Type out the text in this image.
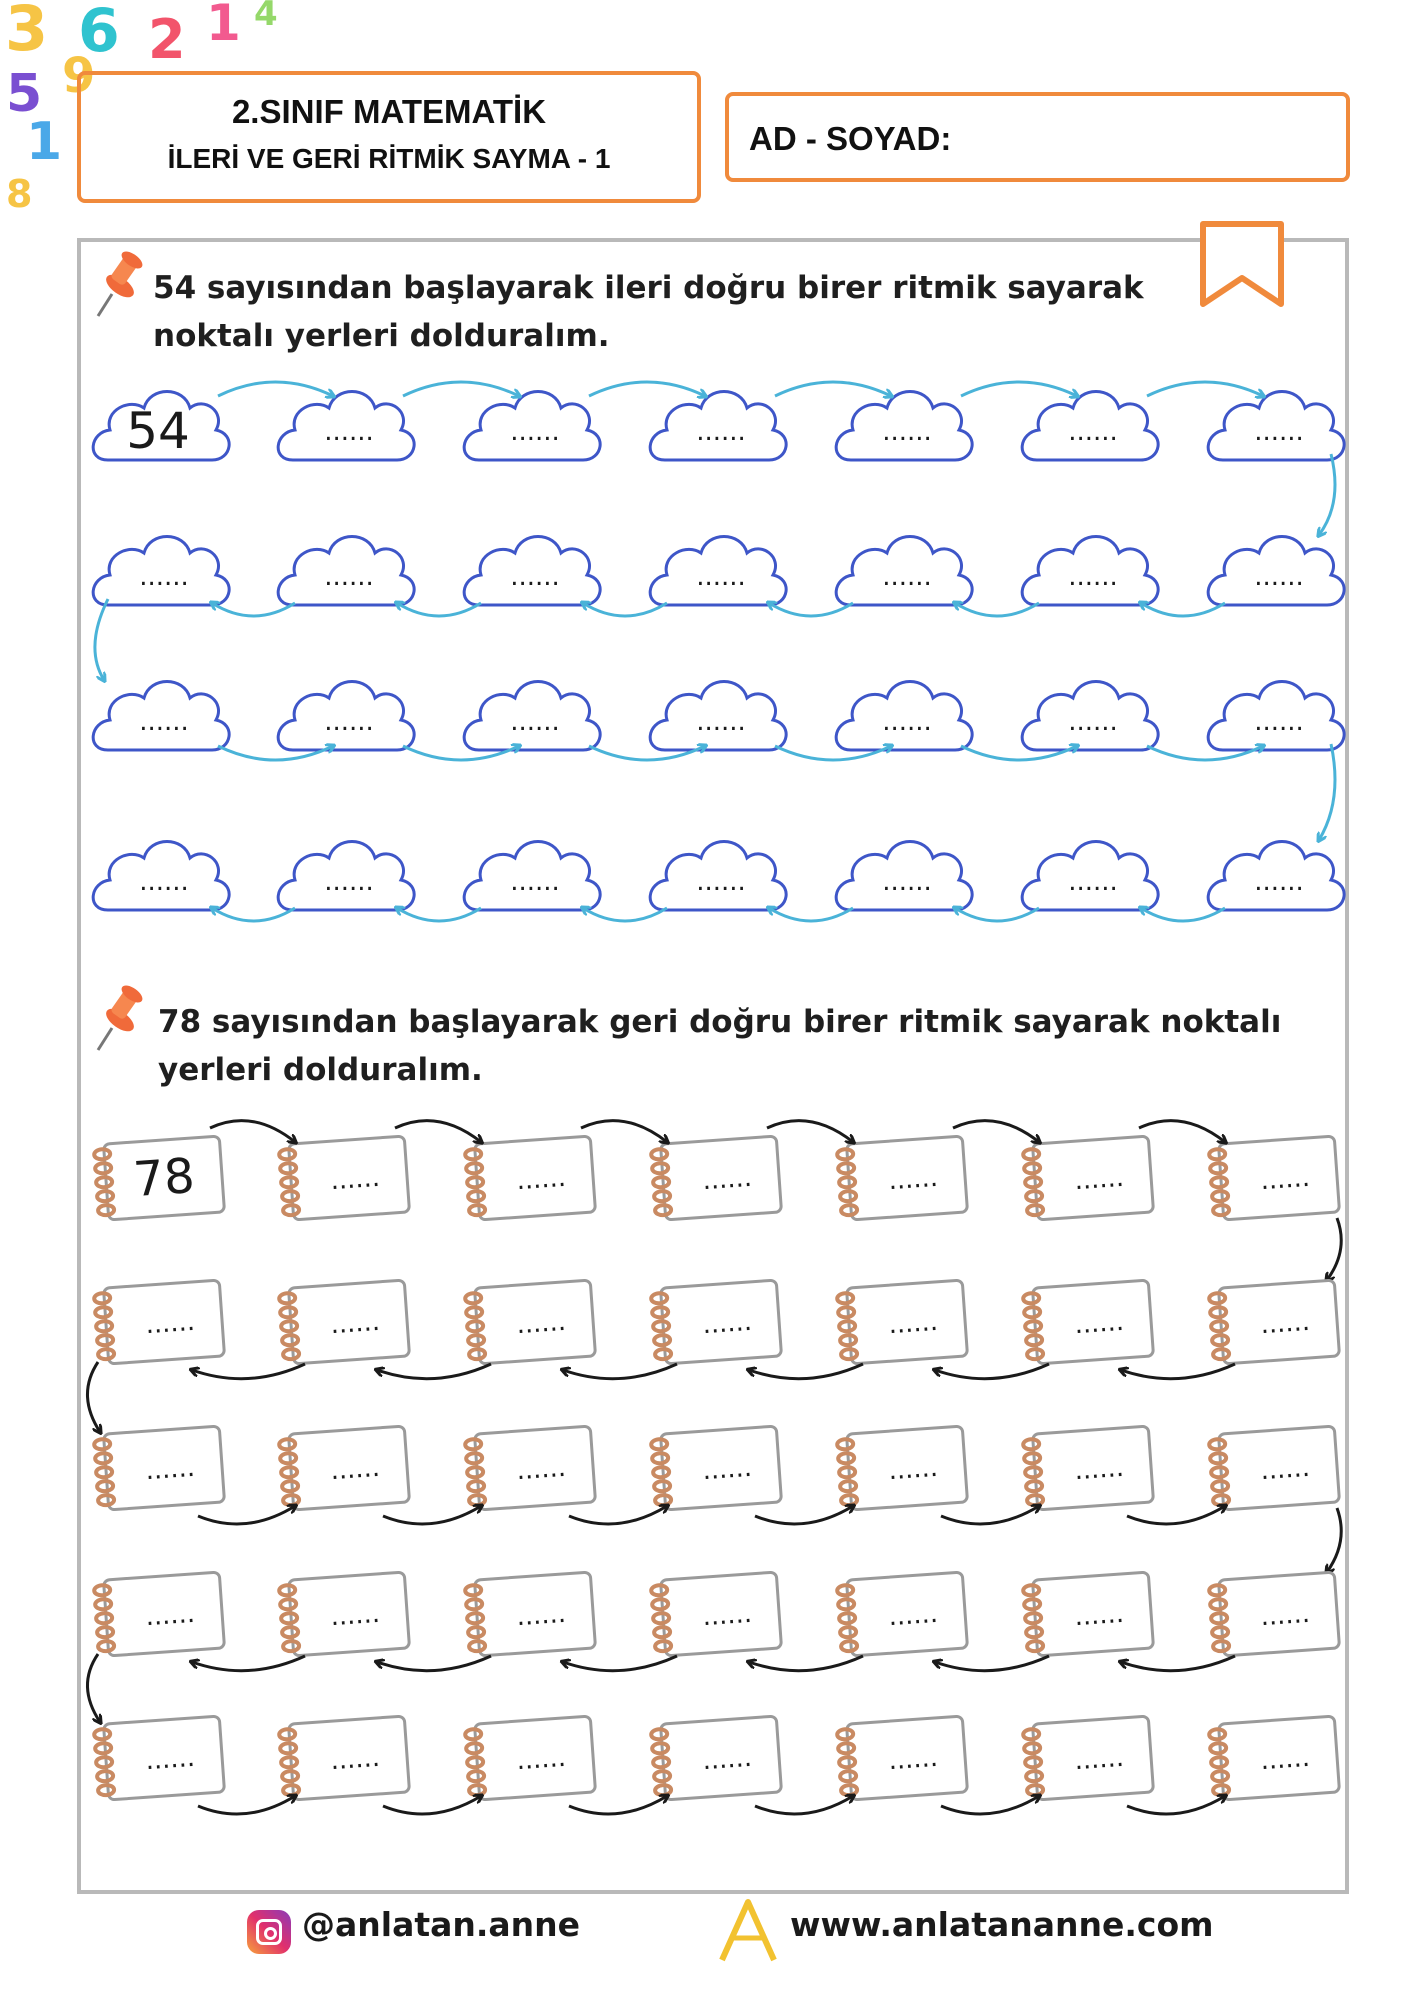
3 6 2 1 4
5 9
1
8
2.SINIF MATEMATİK
İLERİ VE GERİ RİTMİK SAYMA - 1
AD - SOYAD:
54 sayısından başlayarak ileri doğru birer ritmik sayarak
noktalı yerleri dolduralım.
78 sayısından başlayarak geri doğru birer ritmik sayarak noktalı
yerleri dolduralım.
54	......	......	......	......	......	......
......	......	......	......	......	......	......
......	......	......	......	......	......	......
......	......	......	......	......	......	......
78	......	......	......	......	......	......
......	......	......	......	......	......	......
......	......	......	......	......	......	......
......	......	......	......	......	......	......
......	......	......	......	......	......	......
@anlatan.anne	www.anlatananne.com
